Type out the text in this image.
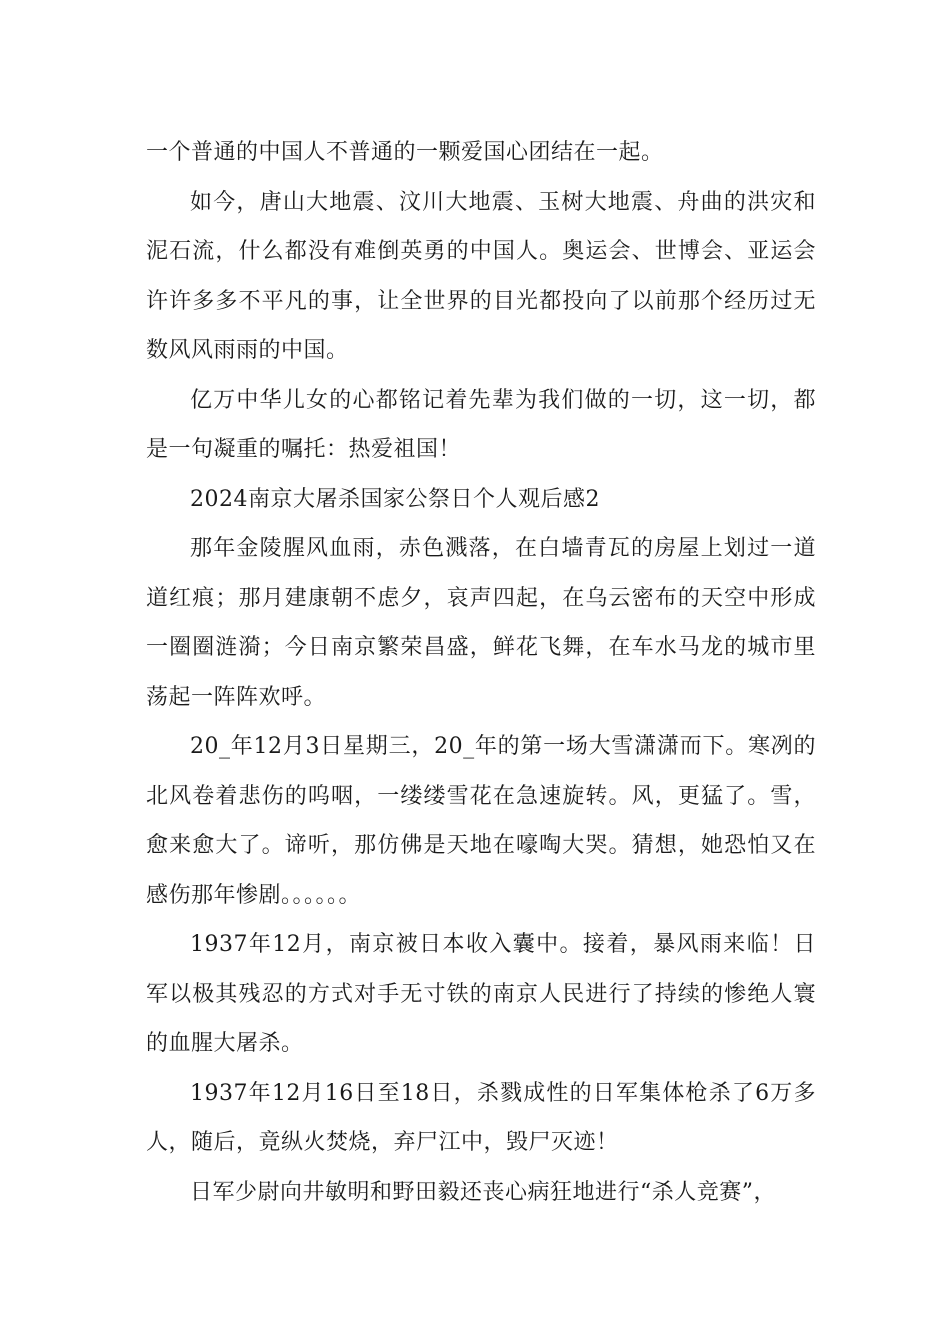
一个普通的中国人不普通的一颗爱国心团结在一起。

如今，唐山大地震、汶川大地震、玉树大地震、舟曲的洪灾和泥石流，什么都没有难倒英勇的中国人。奥运会、世博会、亚运会许许多多不平凡的事，让全世界的目光都投向了以前那个经历过无数风风雨雨的中国。

亿万中华儿女的心都铭记着先辈为我们做的一切，这一切，都是一句凝重的嘱托：热爱祖国！

2024南京大屠杀国家公祭日个人观后感2

那年金陵腥风血雨，赤色溅落，在白墙青瓦的房屋上划过一道道红痕；那月建康朝不虑夕，哀声四起，在乌云密布的天空中形成一圈圈涟漪；今日南京繁荣昌盛，鲜花飞舞，在车水马龙的城市里荡起一阵阵欢呼。

20_年12月3日星期三，20_年的第一场大雪潇潇而下。寒冽的北风卷着悲伤的呜咽，一缕缕雪花在急速旋转。风，更猛了。雪，愈来愈大了。谛听，那仿佛是天地在嚎啕大哭。猜想，她恐怕又在感伤那年惨剧。。。。。。

1937年12月，南京被日本收入囊中。接着，暴风雨来临！日军以极其残忍的方式对手无寸铁的南京人民进行了持续的惨绝人寰的血腥大屠杀。

1937年12月16日至18日，杀戮成性的日军集体枪杀了6万多人，随后，竟纵火焚烧，弃尸江中，毁尸灭迹！

日军少尉向井敏明和野田毅还丧心病狂地进行“杀人竞赛”，
